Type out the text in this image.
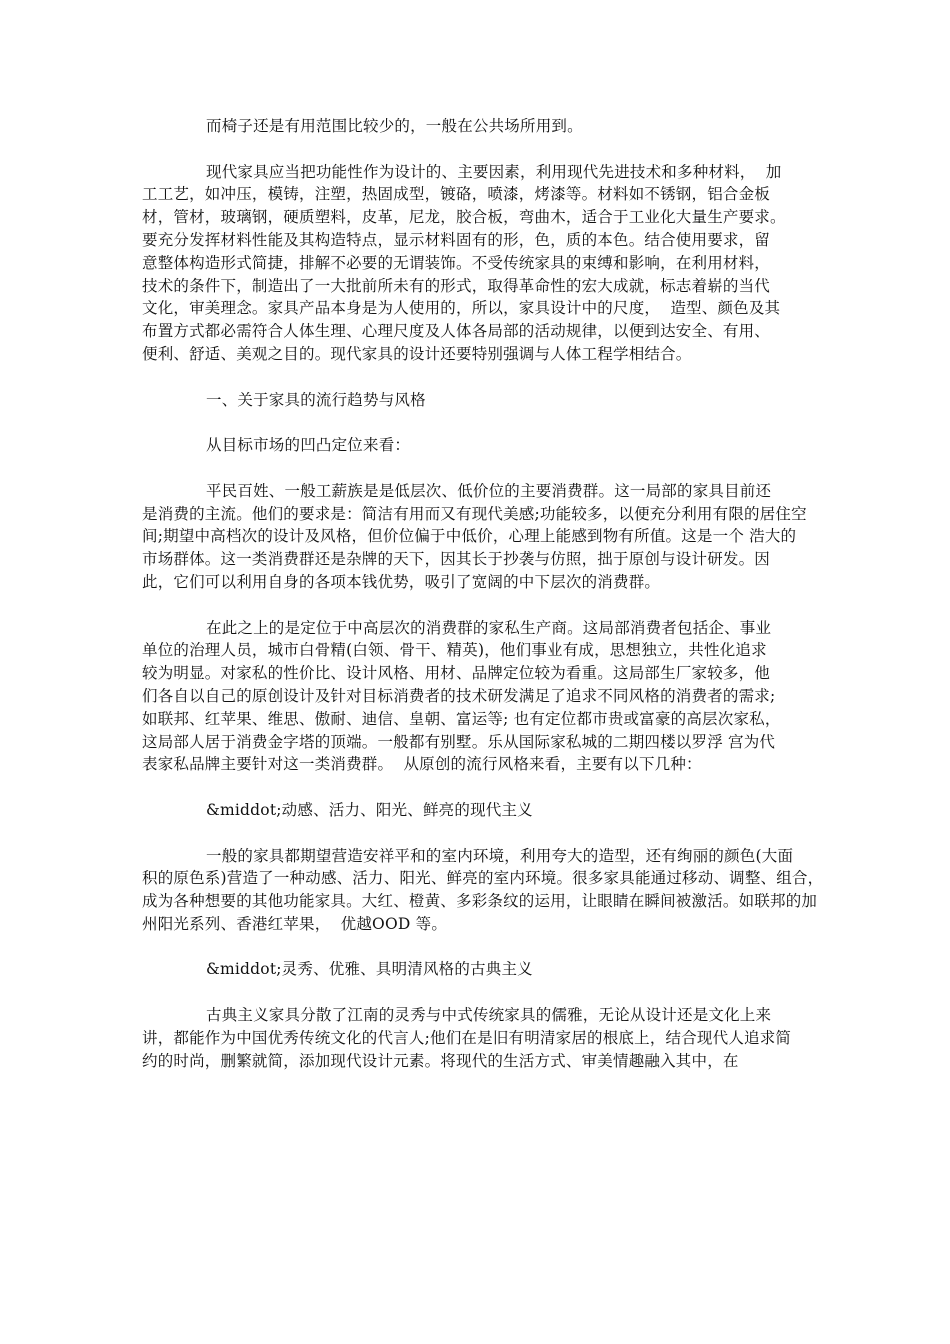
而椅子还是有用范围比较少的，一般在公共场所用到。
现代家具应当把功能性作为设计的、主要因素，利用现代先进技术和多种材料，  加
工工艺，如冲压，模铸，注塑，热固成型，镀硌，喷漆，烤漆等。材料如不锈钢，铝合金板
材，管材，玻璃钢，硬质塑料，皮革，尼龙，胶合板，弯曲木，适合于工业化大量生产要求。
要充分发挥材料性能及其构造特点，显示材料固有的形，色，质的本色。结合使用要求，留
意整体构造形式简捷，排解不必要的无谓装饰。不受传统家具的束缚和影响，在利用材料，
技术的条件下，制造出了一大批前所未有的形式，取得革命性的宏大成就，标志着崭的当代
文化，审美理念。家具产品本身是为人使用的，所以，家具设计中的尺度，  造型、颜色及其
布置方式都必需符合人体生理、心理尺度及人体各局部的活动规律，以便到达安全、有用、
便利、舒适、美观之目的。现代家具的设计还要特别强调与人体工程学相结合。
一、关于家具的流行趋势与风格
从目标市场的凹凸定位来看：
平民百姓、一般工薪族是是低层次、低价位的主要消费群。这一局部的家具目前还
是消费的主流。他们的要求是：简洁有用而又有现代美感;功能较多，以便充分利用有限的居住空
间;期望中高档次的设计及风格，但价位偏于中低价，心理上能感到物有所值。这是一个 浩大的
市场群体。这一类消费群还是杂牌的天下，因其长于抄袭与仿照，拙于原创与设计研发。因
此，它们可以利用自身的各项本钱优势，吸引了宽阔的中下层次的消费群。
在此之上的是定位于中高层次的消费群的家私生产商。这局部消费者包括企、事业
单位的治理人员，城市白骨精(白领、骨干、精英)，他们事业有成，思想独立，共性化追求
较为明显。对家私的性价比、设计风格、用材、品牌定位较为看重。这局部生厂家较多，他
们各自以自己的原创设计及针对目标消费者的技术研发满足了追求不同风格的消费者的需求;
如联邦、红苹果、维思、傲耐、迪信、皇朝、富运等; 也有定位都市贵或富豪的高层次家私，
这局部人居于消费金字塔的顶端。一般都有别墅。乐从国际家私城的二期四楼以罗浮 宫为代
表家私品牌主要针对这一类消费群。  从原创的流行风格来看，主要有以下几种：
&middot;动感、活力、阳光、鲜亮的现代主义
一般的家具都期望营造安祥平和的室内环境，利用夸大的造型，还有绚丽的颜色(大面
积的原色系)营造了一种动感、活力、阳光、鲜亮的室内环境。很多家具能通过移动、调整、组合，
成为各种想要的其他功能家具。大红、橙黄、多彩条纹的运用，让眼睛在瞬间被激活。如联邦的加
州阳光系列、香港红苹果，  优越OOD 等。
&middot;灵秀、优雅、具明清风格的古典主义
古典主义家具分散了江南的灵秀与中式传统家具的儒雅，无论从设计还是文化上来
讲，都能作为中国优秀传统文化的代言人;他们在是旧有明清家居的根底上，结合现代人追求简
约的时尚，删繁就简，添加现代设计元素。将现代的生活方式、审美情趣融入其中，在
